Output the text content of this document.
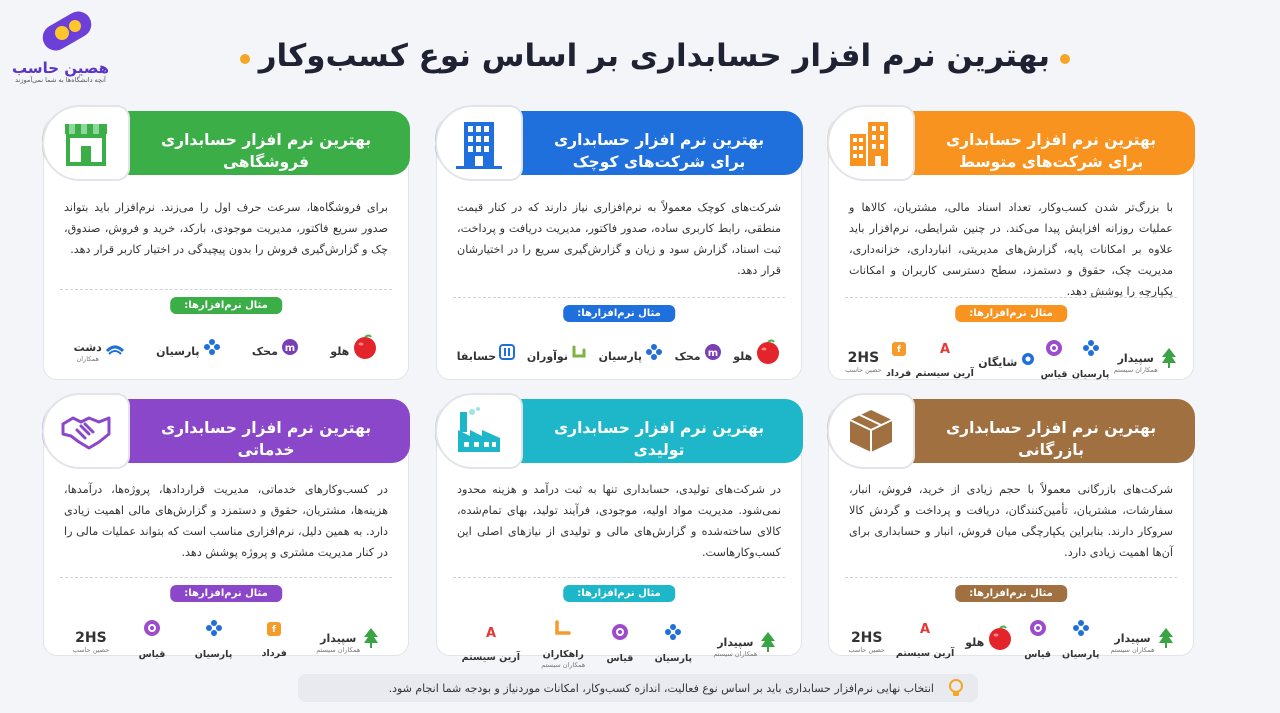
هصین حاسب
آنچه دانشگاه‌ها به شما نمی‌آموزند
بهترین نرم افزار حسابداری بر اساس نوع کسب‌وکار
بهترین نرم افزار حسابداری
برای شرکت‌های متوسط
با بزرگ‌تر شدن کسب‌وکار، تعداد اسناد مالی، مشتریان، کالاها و عملیات روزانه افزایش پیدا می‌کند. در چنین شرایطی، نرم‌افزار باید علاوه بر امکانات پایه، گزارش‌های مدیریتی، انبارداری، خزانه‌داری، مدیریت چک، حقوق و دستمزد، سطح دسترسی کاربران و امکانات یکپارچه را پوشش دهد.
مثال نرم‌افزارها:
2HS
حصین حاسب
f
فرداد
A
آرین سیستم
شایگان
قیاس پارسیان
سپیدار
همکاران سیستم
بهترین نرم افزار حسابداری
برای شرکت‌های کوچک
شرکت‌های کوچک معمولاً به نرم‌افزاری نیاز دارند که در کنار قیمت منطقی، رابط کاربری ساده، صدور فاکتور، مدیریت دریافت و پرداخت، ثبت اسناد، گزارش سود و زیان و گزارش‌گیری سریع را در اختیارشان قرار دهد.
مثال نرم‌افزارها:
حسابفا	نوآوران	پارسیان	محک m هلو
بهترین نرم افزار حسابداری
فروشگاهی
برای فروشگاه‌ها، سرعت حرف اول را می‌زند. نرم‌افزار باید بتواند صدور سریع فاکتور، مدیریت موجودی، بارکد، خرید و فروش، صندوق، چک و گزارش‌گیری فروش را بدون پیچیدگی در اختیار کاربر قرار دهد.
مثال نرم‌افزارها:
دشت
همکاران
پارسیان	محک m	هلو
بهترین نرم افزار حسابداری بازرگانی
شرکت‌های بازرگانی معمولاً با حجم زیادی از خرید، فروش، انبار، سفارشات، مشتریان، تأمین‌کنندگان، دریافت و پرداخت و گردش کالا سروکار دارند. بنابراین یکپارچگی میان فروش، انبار و حسابداری برای آن‌ها اهمیت زیادی دارد.
مثال نرم‌افزارها:
2HS
حصین حاسب
A
آرین سیستم
هلو
قیاس پارسیان
سپیدار
همکاران سیستم
بهترین نرم افزار حسابداری تولیدی
در شرکت‌های تولیدی، حسابداری تنها به ثبت درآمد و هزینه محدود نمی‌شود. مدیریت مواد اولیه، موجودی، فرآیند تولید، بهای تمام‌شده، کالای ساخته‌شده و گزارش‌های مالی و تولیدی از نیازهای اصلی این کسب‌وکارهاست.
مثال نرم‌افزارها:
A
آرین سیستم راهکاران
همکاران سیستم
قیاس پارسیان
سپیدار
همکاران سیستم
بهترین نرم افزار حسابداری خدماتی
در کسب‌وکارهای خدماتی، مدیریت قراردادها، پروژه‌ها، درآمدها، هزینه‌ها، مشتریان، حقوق و دستمزد و گزارش‌های مالی اهمیت زیادی دارد. به همین دلیل، نرم‌افزاری مناسب است که بتواند عملیات مالی را در کنار مدیریت مشتری و پروژه پوشش دهد.
مثال نرم‌افزارها:
2HS
حصین حاسب	قیاس	پارسیان
f
فرداد
سپیدار
همکاران سیستم
انتخاب نهایی نرم‌افزار حسابداری باید بر اساس نوع فعالیت، اندازه کسب‌وکار، امکانات موردنیاز و بودجه شما انجام شود.
